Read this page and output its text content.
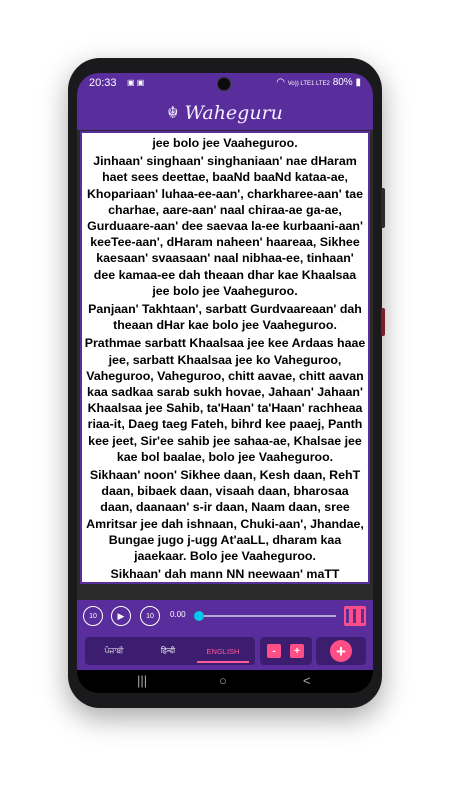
20:33 ▣ ▣	◠ Vo)) LTE1 LTE2 80% ▮
☬ Waheguru

jee bolo jee Vaaheguroo.

Jinhaan' singhaan' singhaniaan' nae dHaram haet sees deettae, baaNd baaNd kataa-ae, Khopariaan' luhaa-ee-aan', charkharee-aan' tae charhae, aare-aan' naal chiraa-ae ga-ae, Gurduaare-aan' dee saevaa la-ee kurbaani-aan' keeTee-aan', dHaram naheen' haareaa, Sikhee kaesaan' svaasaan' naal nibhaa-ee, tinhaan' dee kamaa-ee dah theaan dhar kae Khaalsaa jee bolo jee Vaaheguroo.

Panjaan' Takhtaan', sarbatt Gurdvaareaan' dah theaan dHar kae bolo jee Vaaheguroo.

Prathmae sarbatt Khaalsaa jee kee Ardaas haae jee, sarbatt Khaalsaa jee ko Vaheguroo, Vaheguroo, Vaheguroo, chitt aavae, chitt aavan kaa sadkaa sarab sukh hovae, Jahaan' Jahaan' Khaalsaa jee Sahib, ta'Haan' ta'Haan' rachheaa riaa-it, Daeg taeg Fateh, bihrd kee paaej, Panth kee jeet, Sir'ee sahib jee sahaa-ae, Khalsae jee kae bol baalae, bolo jee Vaaheguroo.

Sikhaan' noon' Sikhee daan, Kesh daan, RehT daan, bibaek daan, visaah daan, bharosaa daan, daanaan' s-ir daan, Naam daan, sree Amritsar jee dah ishnaan, Chuki-aan', Jhandae, Bungae jugo j-ugg At'aaLL, dharam kaa jaaekaar. Bolo jee Vaaheguroo.

Sikhaan' dah mann NN neewaan' maTT

10 ▶	10 0.00
ਪੰਜਾਬੀ	हिन्दी	ENGLISH	-	+	+
|||	○	<
